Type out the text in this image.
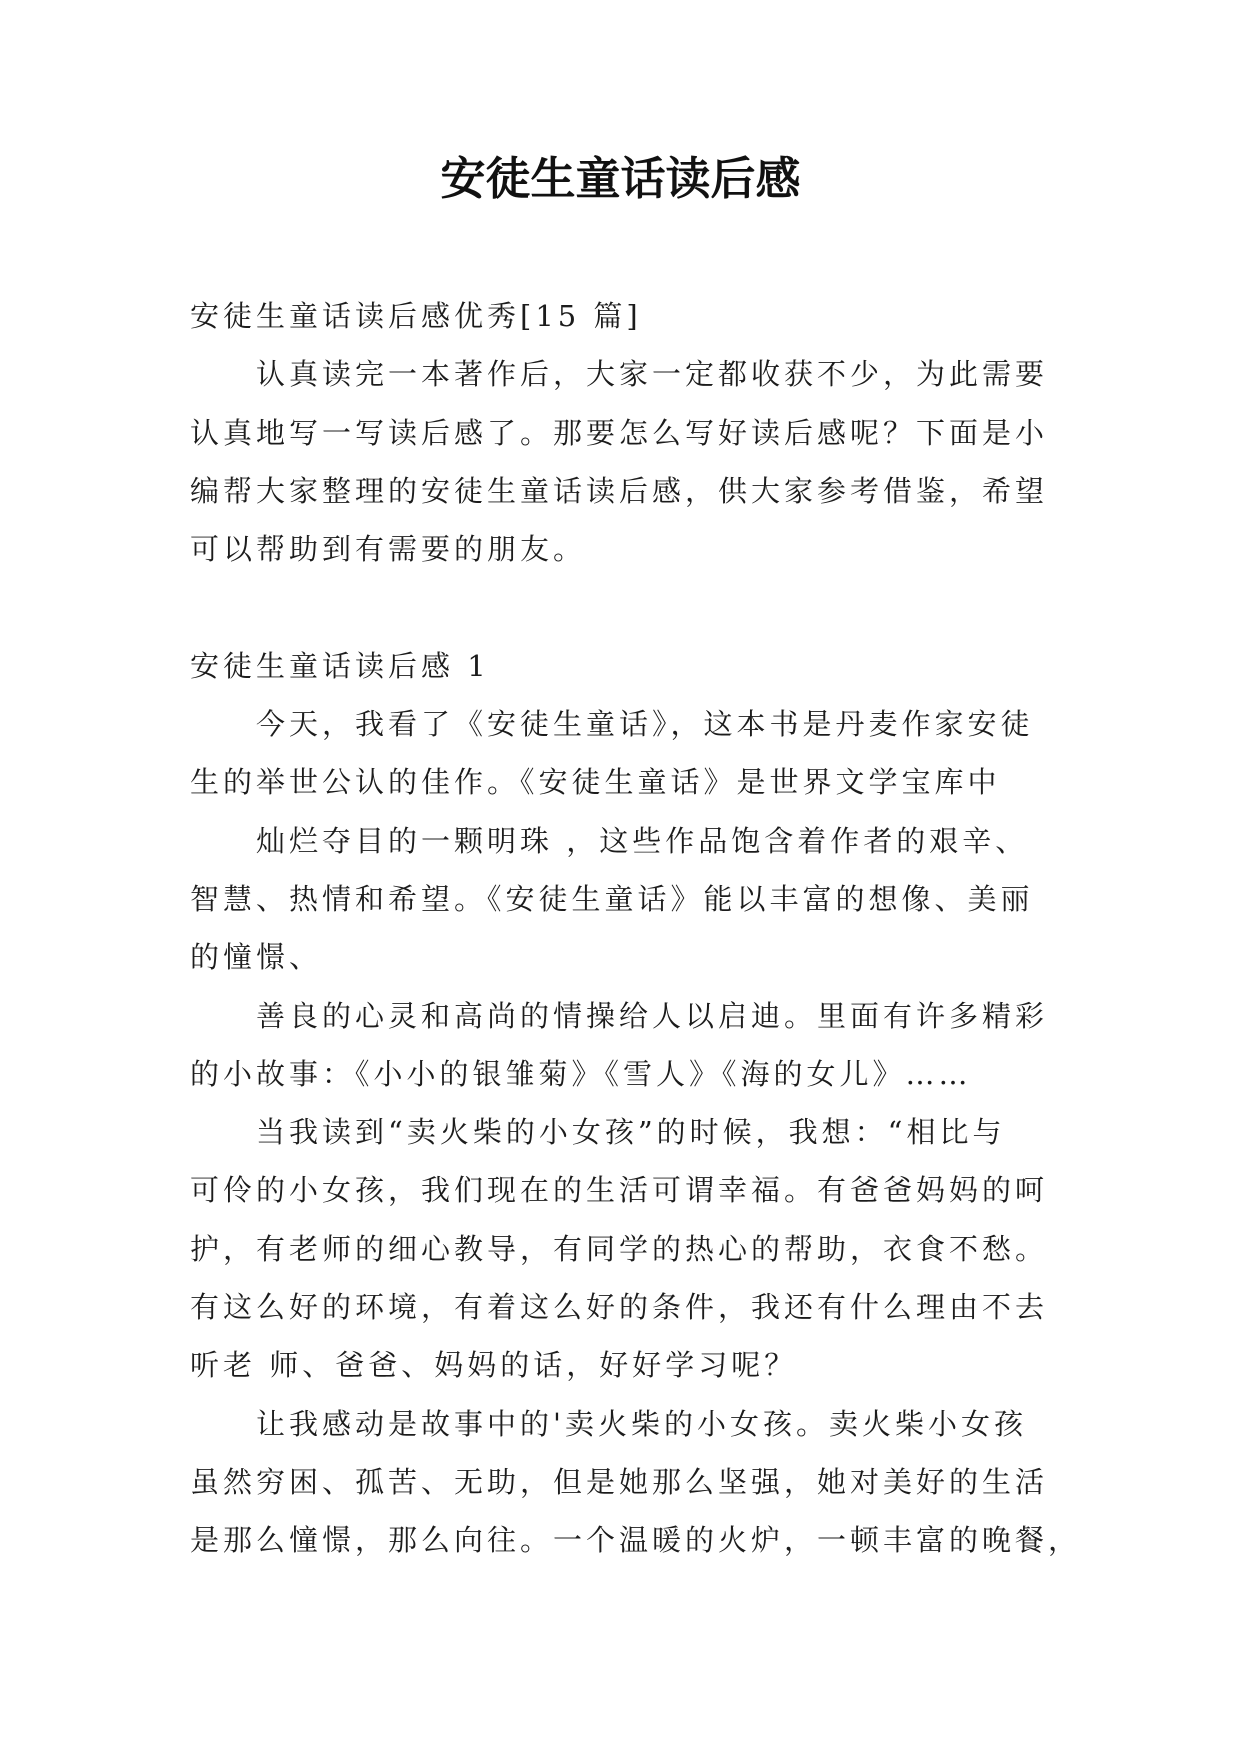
安徒生童话读后感
安徒生童话读后感优秀[15 篇]
认真读完一本著作后，大家一定都收获不少，为此需要
认真地写一写读后感了。那要怎么写好读后感呢？下面是小
编帮大家整理的安徒生童话读后感，供大家参考借鉴，希望
可以帮助到有需要的朋友。
安徒生童话读后感 1
今天，我看了《安徒生童话》，这本书是丹麦作家安徒
生的举世公认的佳作。《安徒生童话》是世界文学宝库中
灿烂夺目的一颗明珠 ，这些作品饱含着作者的艰辛、
智慧、热情和希望。《安徒生童话》能以丰富的想像、美丽
的憧憬、
善良的心灵和高尚的情操给人以启迪。里面有许多精彩
的小故事：《小小的银雏菊》《雪人》《海的女儿》……
当我读到“卖火柴的小女孩”的时候，我想：“相比与
可伶的小女孩，我们现在的生活可谓幸福。有爸爸妈妈的呵
护，有老师的细心教导，有同学的热心的帮助，衣食不愁。
有这么好的环境，有着这么好的条件，我还有什么理由不去
听老 师、爸爸、妈妈的话，好好学习呢？
让我感动是故事中的'卖火柴的小女孩。卖火柴小女孩
虽然穷困、孤苦、无助，但是她那么坚强，她对美好的生活
是那么憧憬，那么向往。一个温暖的火炉，一顿丰富的晚餐，
